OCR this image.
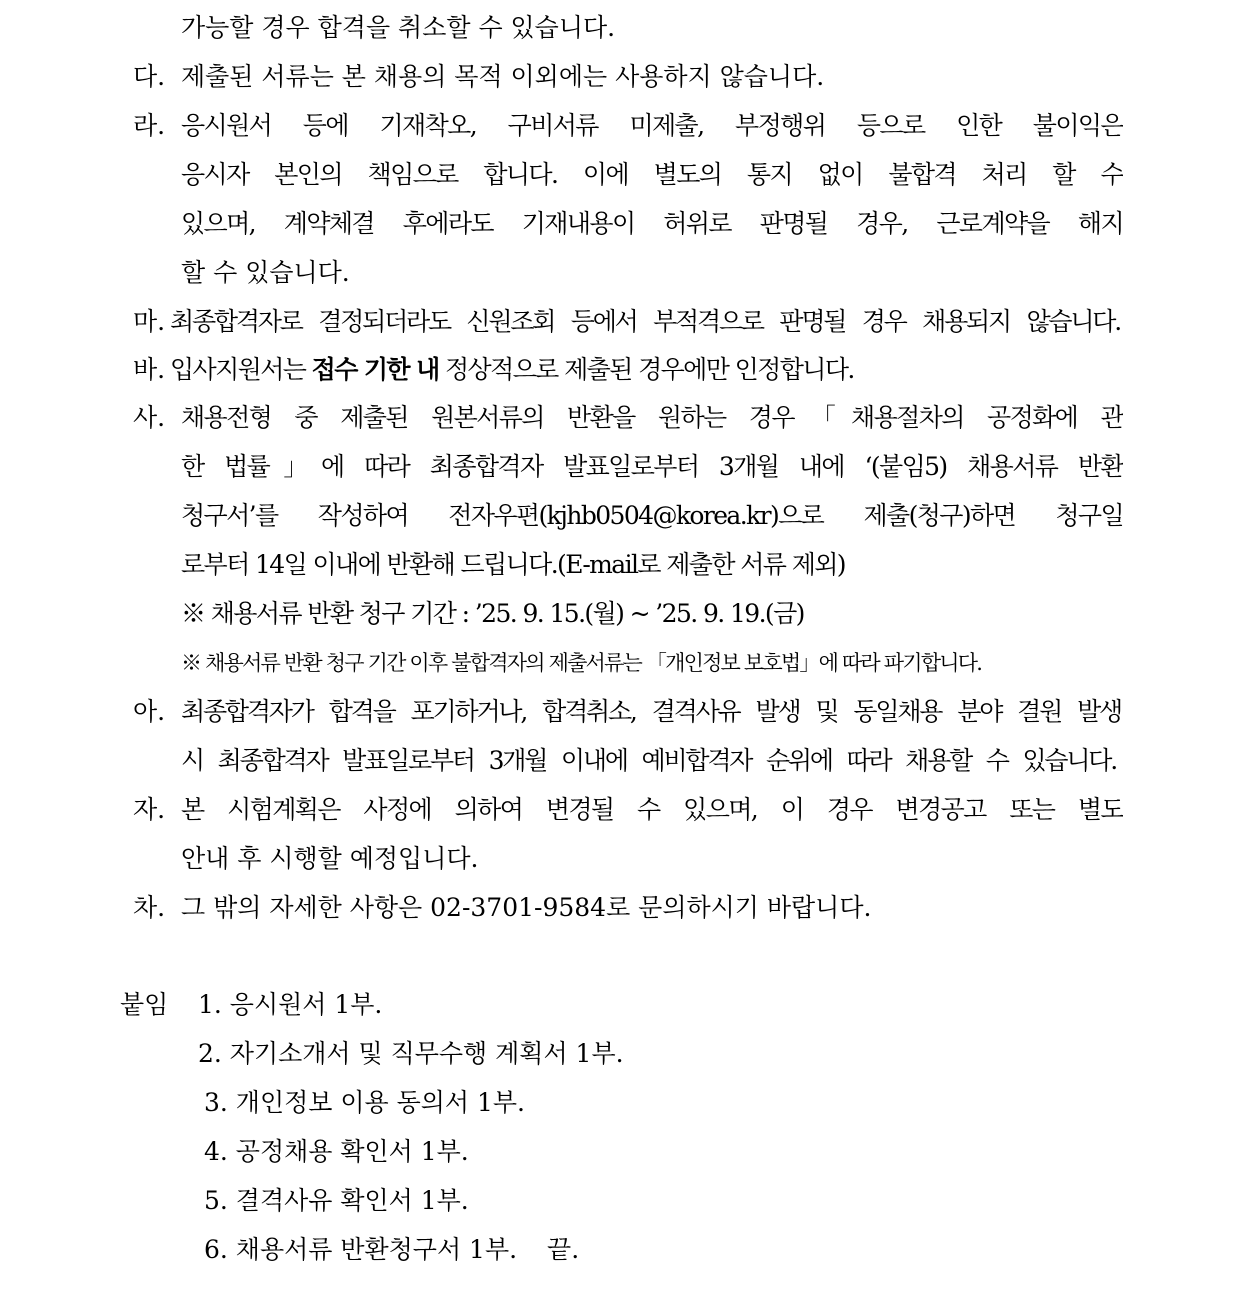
가능할 경우 합격을 취소할 수 있습니다.
다. 제출된 서류는 본 채용의 목적 이외에는 사용하지 않습니다.
라. 응시원서 등에 기재착오, 구비서류 미제출, 부정행위 등으로 인한 불이익은
응시자 본인의 책임으로 합니다. 이에 별도의 통지 없이 불합격 처리 할 수
있으며, 계약체결 후에라도 기재내용이 허위로 판명될 경우, 근로계약을 해지
할 수 있습니다.
마. 최종합격자로 결정되더라도 신원조회 등에서 부적격으로 판명될 경우 채용되지 않습니다.
바. 입사지원서는 접수 기한 내 정상적으로 제출된 경우에만 인정합니다.
사. 채용전형 중 제출된 원본서류의 반환을 원하는 경우「채용절차의 공정화에 관
한 법률」에 따라 최종합격자 발표일로부터 3개월 내에 ‘(붙임5) 채용서류 반환
청구서’를 작성하여 전자우편(kjhb0504@korea.kr)으로 제출(청구)하면 청구일
로부터 14일 이내에 반환해 드립니다.(E-mail로 제출한 서류 제외)
※ 채용서류 반환 청구 기간 : ’25. 9. 15.(월) ~ ’25. 9. 19.(금)
※ 채용서류 반환 청구 기간 이후 불합격자의 제출서류는 「개인정보 보호법」에 따라 파기합니다.
아. 최종합격자가 합격을 포기하거나, 합격취소, 결격사유 발생 및 동일채용 분야 결원 발생
시 최종합격자 발표일로부터 3개월 이내에 예비합격자 순위에 따라 채용할 수 있습니다.
자. 본 시험계획은 사정에 의하여 변경될 수 있으며, 이 경우 변경공고 또는 별도
안내 후 시행할 예정입니다.
차. 그 밖의 자세한 사항은 02-3701-9584로 문의하시기 바랍니다.
붙임 1. 응시원서 1부.
2. 자기소개서 및 직무수행 계획서 1부.
3. 개인정보 이용 동의서 1부.
4. 공정채용 확인서 1부.
5. 결격사유 확인서 1부.
6. 채용서류 반환청구서 1부. 끝.
